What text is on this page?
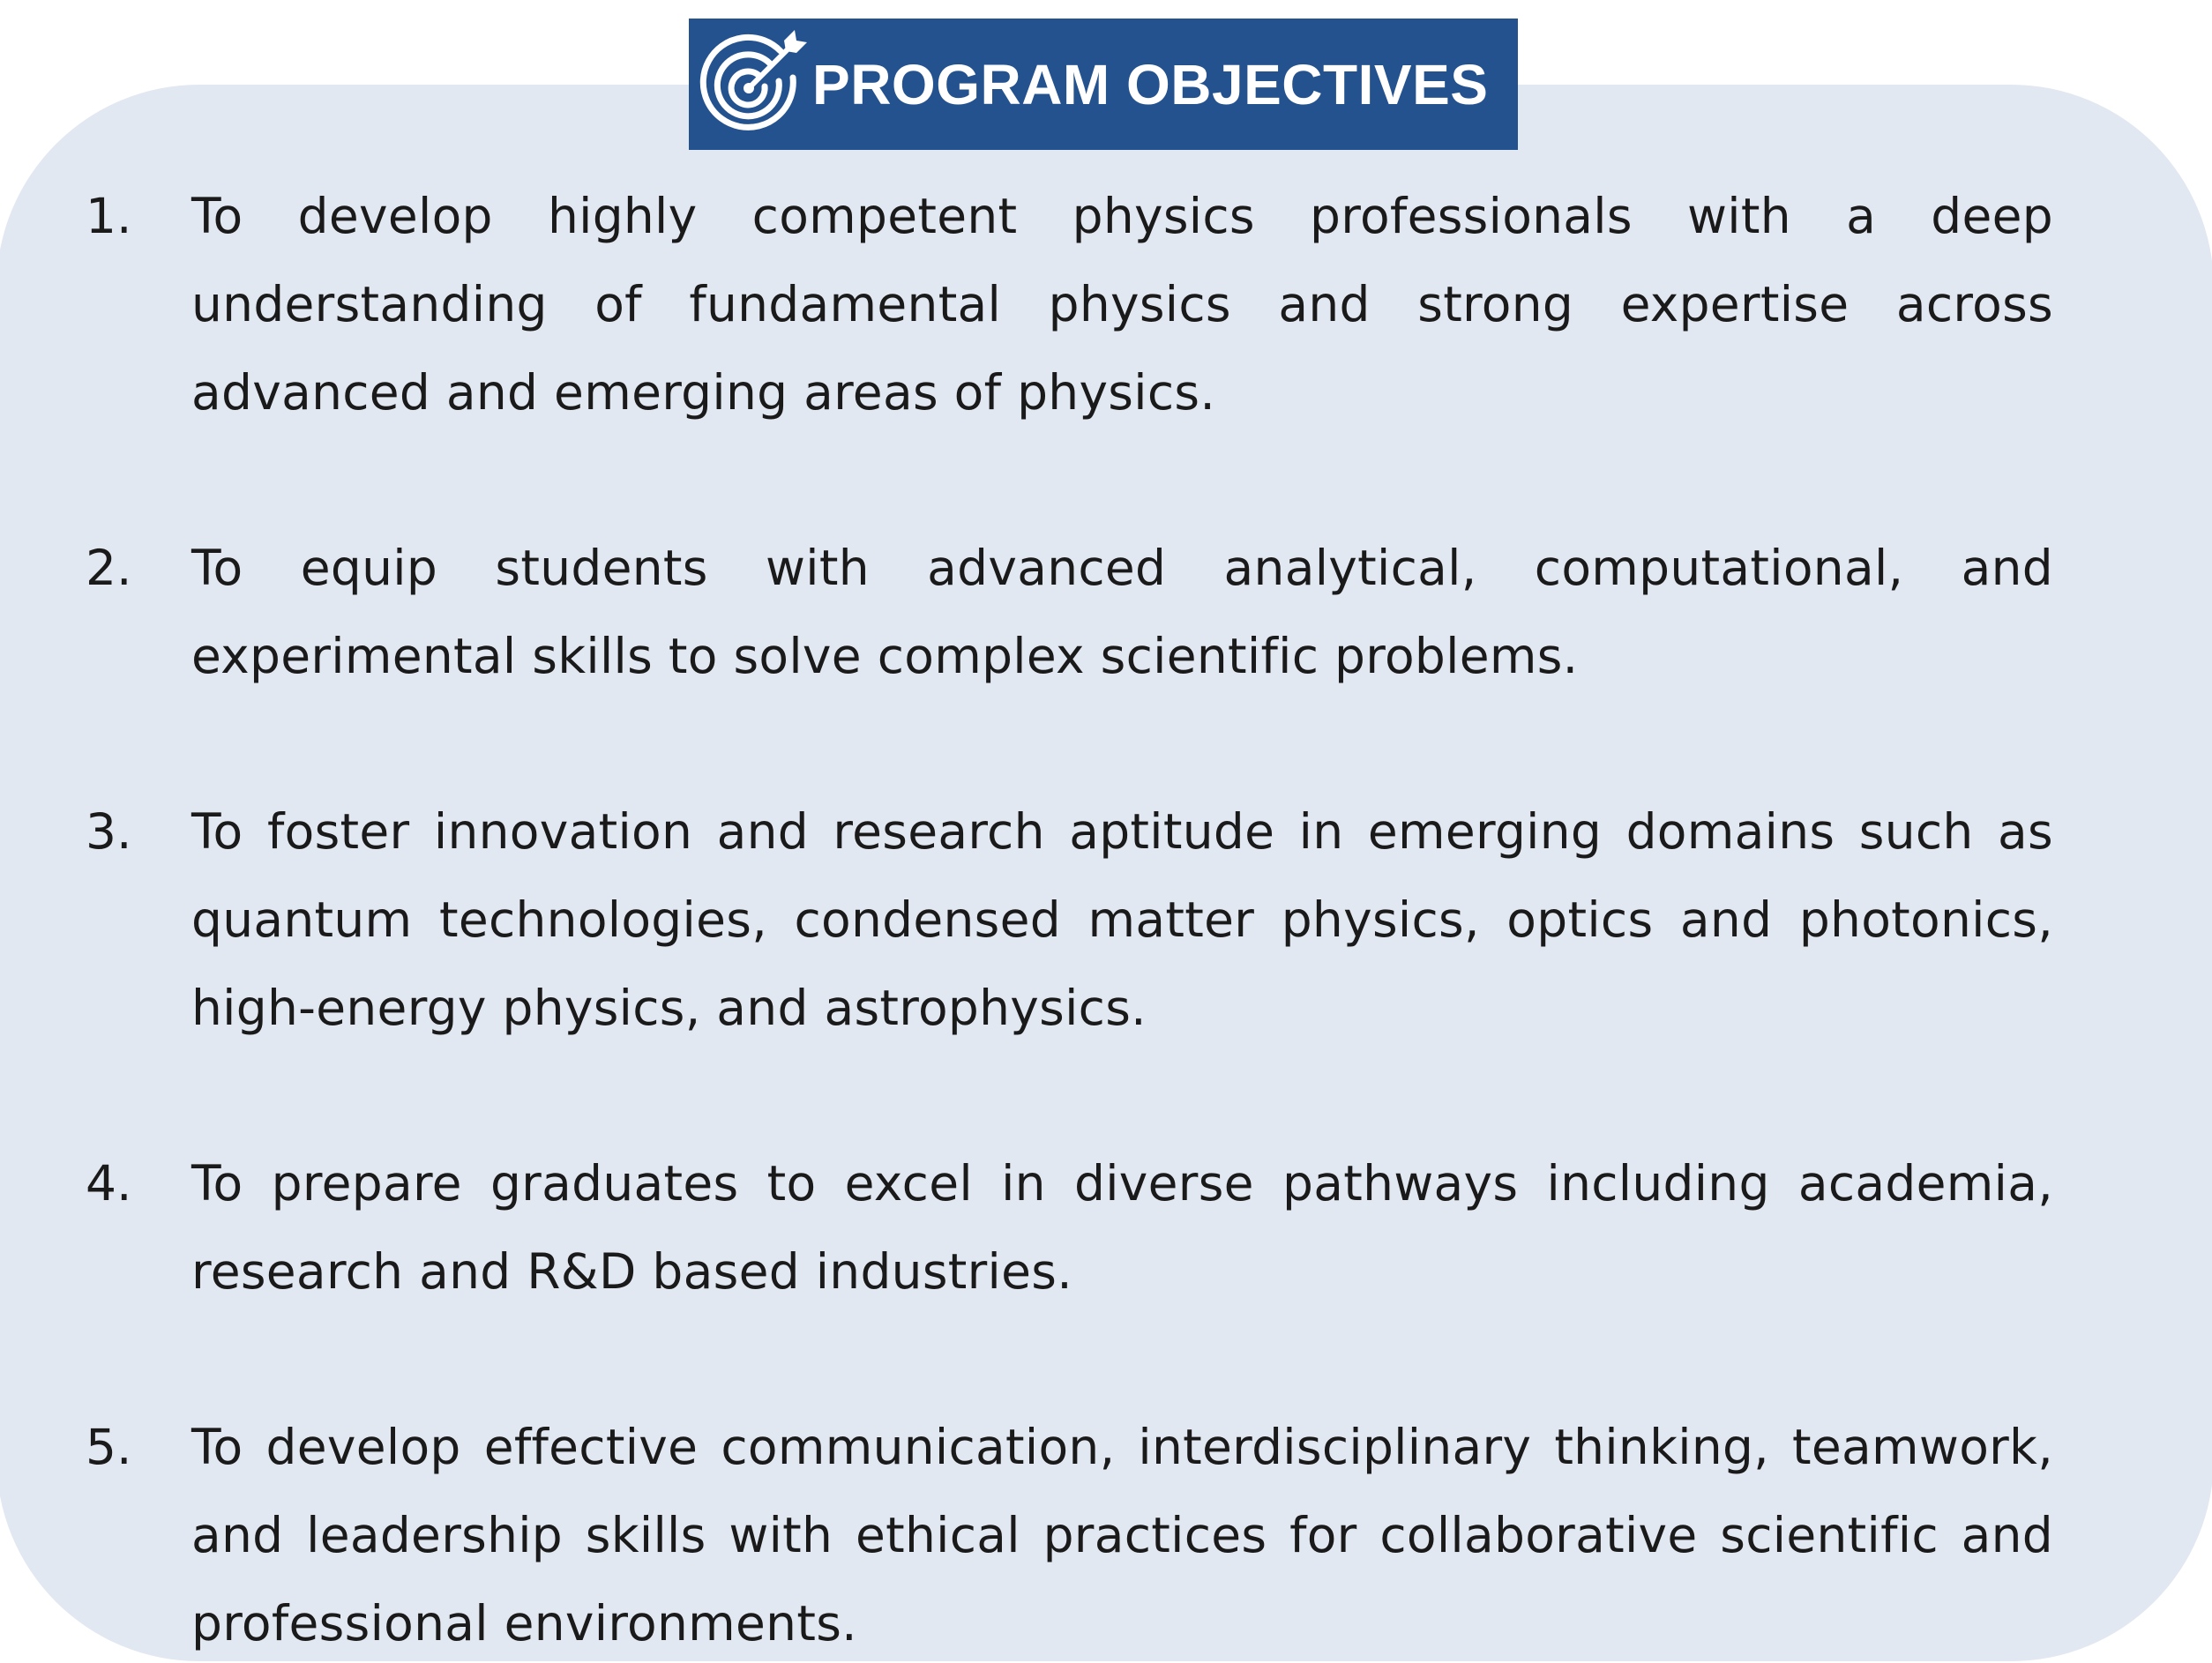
PROGRAM OBJECTIVES
1. To develop highly competent physics professionals with a deep understanding of fundamental physics and strong expertise across advanced and emerging areas of physics.
2. To equip students with advanced analytical, computational, and experimental skills to solve complex scientific problems.
3. To foster innovation and research aptitude in emerging domains such as quantum technologies, condensed matter physics, optics and photonics, high-energy physics, and astrophysics.
4. To prepare graduates to excel in diverse pathways including academia, research and R&D based industries.
5. To develop effective communication, interdisciplinary thinking, teamwork, and leadership skills with ethical practices for collaborative scientific and professional environments.
